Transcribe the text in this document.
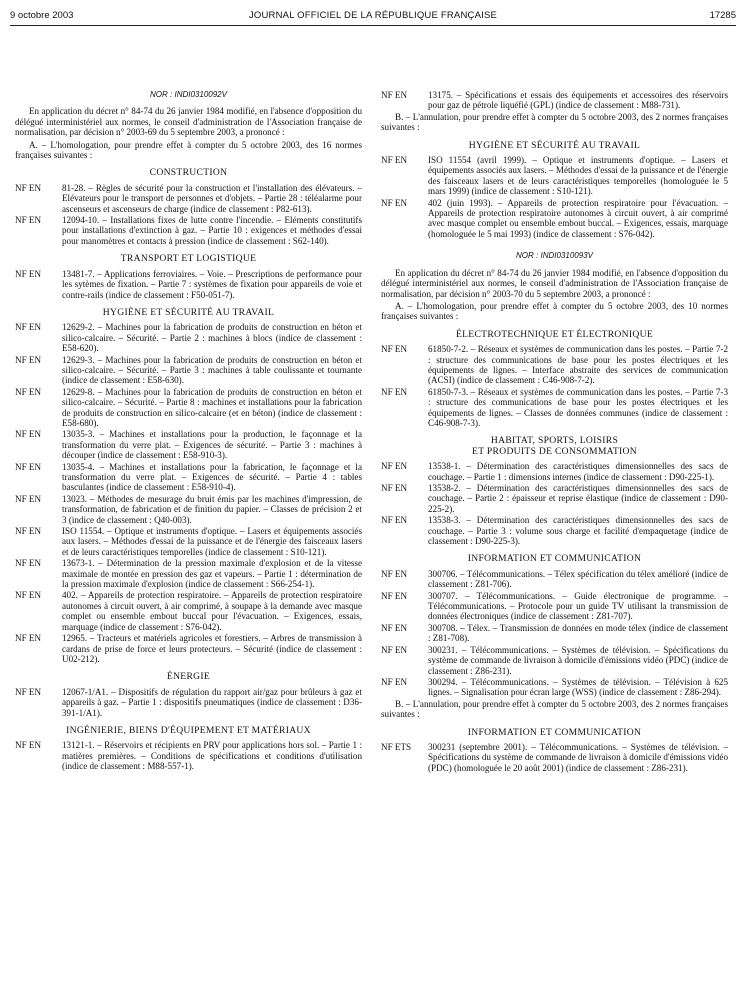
9 octobre 2003	JOURNAL OFFICIEL DE LA RÉPUBLIQUE FRANÇAISE	17285
NOR : INDI0310092V
En application du décret n° 84-74 du 26 janvier 1984 modifié, en l'absence d'opposition du délégué interministériel aux normes, le conseil d'administration de l'Association française de normalisation, par décision n° 2003-69 du 5 septembre 2003, a prononcé :
A. – L'homologation, pour prendre effet à compter du 5 octobre 2003, des 16 normes françaises suivantes :
CONSTRUCTION
NF EN	81-28. – Règles de sécurité pour la construction et l'installation des élévateurs. – Elévateurs pour le transport de personnes et d'objets. – Partie 28 : téléalarme pour ascenseurs et ascenseurs de charge (indice de classement : P82-613).
NF EN	12094-10. – Installations fixes de lutte contre l'incendie. – Eléments constitutifs pour installations d'extinction à gaz. – Partie 10 : exigences et méthodes d'essai pour manomètres et contacts à pression (indice de classement : S62-140).
TRANSPORT ET LOGISTIQUE
NF EN	13481-7. – Applications ferroviaires. – Voie. – Prescriptions de performance pour les sytèmes de fixation. – Partie 7 : systèmes de fixation pour appareils de voie et contre-rails (indice de classement : F50-051-7).
HYGIÈNE ET SÉCURITÉ AU TRAVAIL
NF EN	12629-2. – Machines pour la fabrication de produits de construction en béton et silico-calcaire. – Sécurité. – Partie 2 : machines à blocs (indice de classement : E58-620).
NF EN	12629-3. – Machines pour la fabrication de produits de construction en béton et silico-calcaire. – Sécurité. – Partie 3 : machines à table coulissante et tournante (indice de classement : E58-630).
NF EN	12629-8. – Machines pour la fabrication de produits de construction en béton et silico-calcaire. – Sécurité. – Partie 8 : machines et installations pour la fabrication de produits de construction en silico-calcaire (et en béton) (indice de classement : E58-680).
NF EN	13035-3. – Machines et installations pour la production, le façonnage et la transformation du verre plat. – Exigences de sécurité. – Partie 3 : machines à découper (indice de classement : E58-910-3).
NF EN	13035-4. – Machines et installations pour la fabrication, le façonnage et la transformation du verre plat. – Exigences de sécurité. – Partie 4 : tables basculantes (indice de classement : E58-910-4).
NF EN	13023. – Méthodes de mesurage du bruit émis par les machines d'impression, de transformation, de fabrication et de finition du papier. – Classes de précision 2 et 3 (indice de classement : Q40-003).
NF EN	ISO 11554. – Optique et instruments d'optique. – Lasers et équipements associés aux lasers. – Méthodes d'essai de la puissance et de l'énergie des faisceaux lasers et de leurs caractéristiques temporelles (indice de classement : S10-121).
NF EN	13673-1. – Détermination de la pression maximale d'explosion et de la vitesse maximale de montée en pression des gaz et vapeurs. – Partie 1 : détermination de la pression maximale d'explosion (indice de classement : S66-254-1).
NF EN	402. – Appareils de protection respiratoire. – Appareils de protection respiratoire autonomes à circuit ouvert, à air comprimé, à soupape à la demande avec masque complet ou ensemble embout buccal pour l'évacuation. – Exigences, essais, marquage (indice de classement : S76-042).
NF EN	12965. – Tracteurs et matériels agricoles et forestiers. – Arbres de transmission à cardans de prise de force et leurs protecteurs. – Sécurité (indice de classement : U02-212).
ÉNERGIE
NF EN	12067-1/A1. – Dispositifs de régulation du rapport air/gaz pour brûleurs à gaz et appareils à gaz. – Partie 1 : dispositifs pneumatiques (indice de classement : D36-391-1/A1).
INGÉNIERIE, BIENS D'ÉQUIPEMENT ET MATÉRIAUX
NF EN	13121-1. – Réservoirs et récipients en PRV pour applications hors sol. – Partie 1 : matières premières. – Conditions de spécifications et conditions d'utilisation (indice de classement : M88-557-1).
NF EN	13175. – Spécifications et essais des équipements et accessoires des réservoirs pour gaz de pétrole liquéfié (GPL) (indice de classement : M88-731).
B. – L'annulation, pour prendre effet à compter du 5 octobre 2003, des 2 normes françaises suivantes :
HYGIÈNE ET SÉCURITÉ AU TRAVAIL
NF EN	ISO 11554 (avril 1999). – Optique et instruments d'optique. – Lasers et équipements associés aux lasers. – Méthodes d'essai de la puissance et de l'énergie des faisceaux lasers et de leurs caractéristiques temporelles (homologuée le 5 mars 1999) (indice de classement : S10-121).
NF EN	402 (juin 1993). – Appareils de protection respiratoire pour l'évacuation. – Appareils de protection respiratoire autonomes à circuit ouvert, à air comprimé avec masque complet ou ensemble embout buccal. – Exigences, essais, marquage (homologuée le 5 mai 1993) (indice de classement : S76-042).
NOR : INDI0310093V
En application du décret n° 84-74 du 26 janvier 1984 modifié, en l'absence d'opposition du délégué interministériel aux normes, le conseil d'administration de l'Association française de normalisation, par décision n° 2003-70 du 5 septembre 2003, a prononcé :
A. – L'homologation, pour prendre effet à compter du 5 octobre 2003, des 10 normes françaises suivantes :
ÉLECTROTECHNIQUE ET ÉLECTRONIQUE
NF EN	61850-7-2. – Réseaux et systèmes de communication dans les postes. – Partie 7-2 : structure des communications de base pour les postes électriques et les équipements de lignes. – Interface abstraite des services de communication (ACSI) (indice de classement : C46-908-7-2).
NF EN	61850-7-3. – Réseaux et systèmes de communication dans les postes. – Partie 7-3 : structure des communications de base pour les postes électriques et les équipements de lignes. – Classes de données communes (indice de classement : C46-908-7-3).
HABITAT, SPORTS, LOISIRS
ET PRODUITS DE CONSOMMATION
NF EN	13538-1. – Détermination des caractéristiques dimensionnelles des sacs de couchage. – Partie 1 : dimensions internes (indice de classement : D90-225-1).
NF EN	13538-2. – Détermination des caractéristiques dimensionnelles des sacs de couchage. – Partie 2 : épaisseur et reprise élastique (indice de classement : D90-225-2).
NF EN	13538-3. – Détermination des caractéristiques dimensionnelles des sacs de couchage. – Partie 3 : volume sous charge et facilité d'empaquetage (indice de classement : D90-225-3).
INFORMATION ET COMMUNICATION
NF EN	300706. – Télécommunications. – Télex spécification du télex amélioré (indice de classement : Z81-706).
NF EN	300707. – Télécommunications. – Guide électronique de programme. – Télécommunications. – Protocole pour un guide TV utilisant la transmission de données électroniques (indice de classement : Z81-707).
NF EN	300708. – Télex. – Transmission de données en mode télex (indice de classement : Z81-708).
NF EN	300231. – Télécommunications. – Systèmes de télévision. – Spécifications du système de commande de livraison à domicile d'émissions vidéo (PDC) (indice de classement : Z86-231).
NF EN	300294. – Télécommunications. – Systèmes de télévision. – Télévision à 625 lignes. – Signalisation pour écran large (WSS) (indice de classement : Z86-294).
B. – L'annulation, pour prendre effet à compter du 5 octobre 2003, des 2 normes françaises suivantes :
INFORMATION ET COMMUNICATION
NF ETS	300231 (septembre 2001). – Télécommunications. – Systèmes de télévision. – Spécifications du système de commande de livraison à domicile d'émissions vidéo (PDC) (homologuée le 20 août 2001) (indice de classement : Z86-231).
